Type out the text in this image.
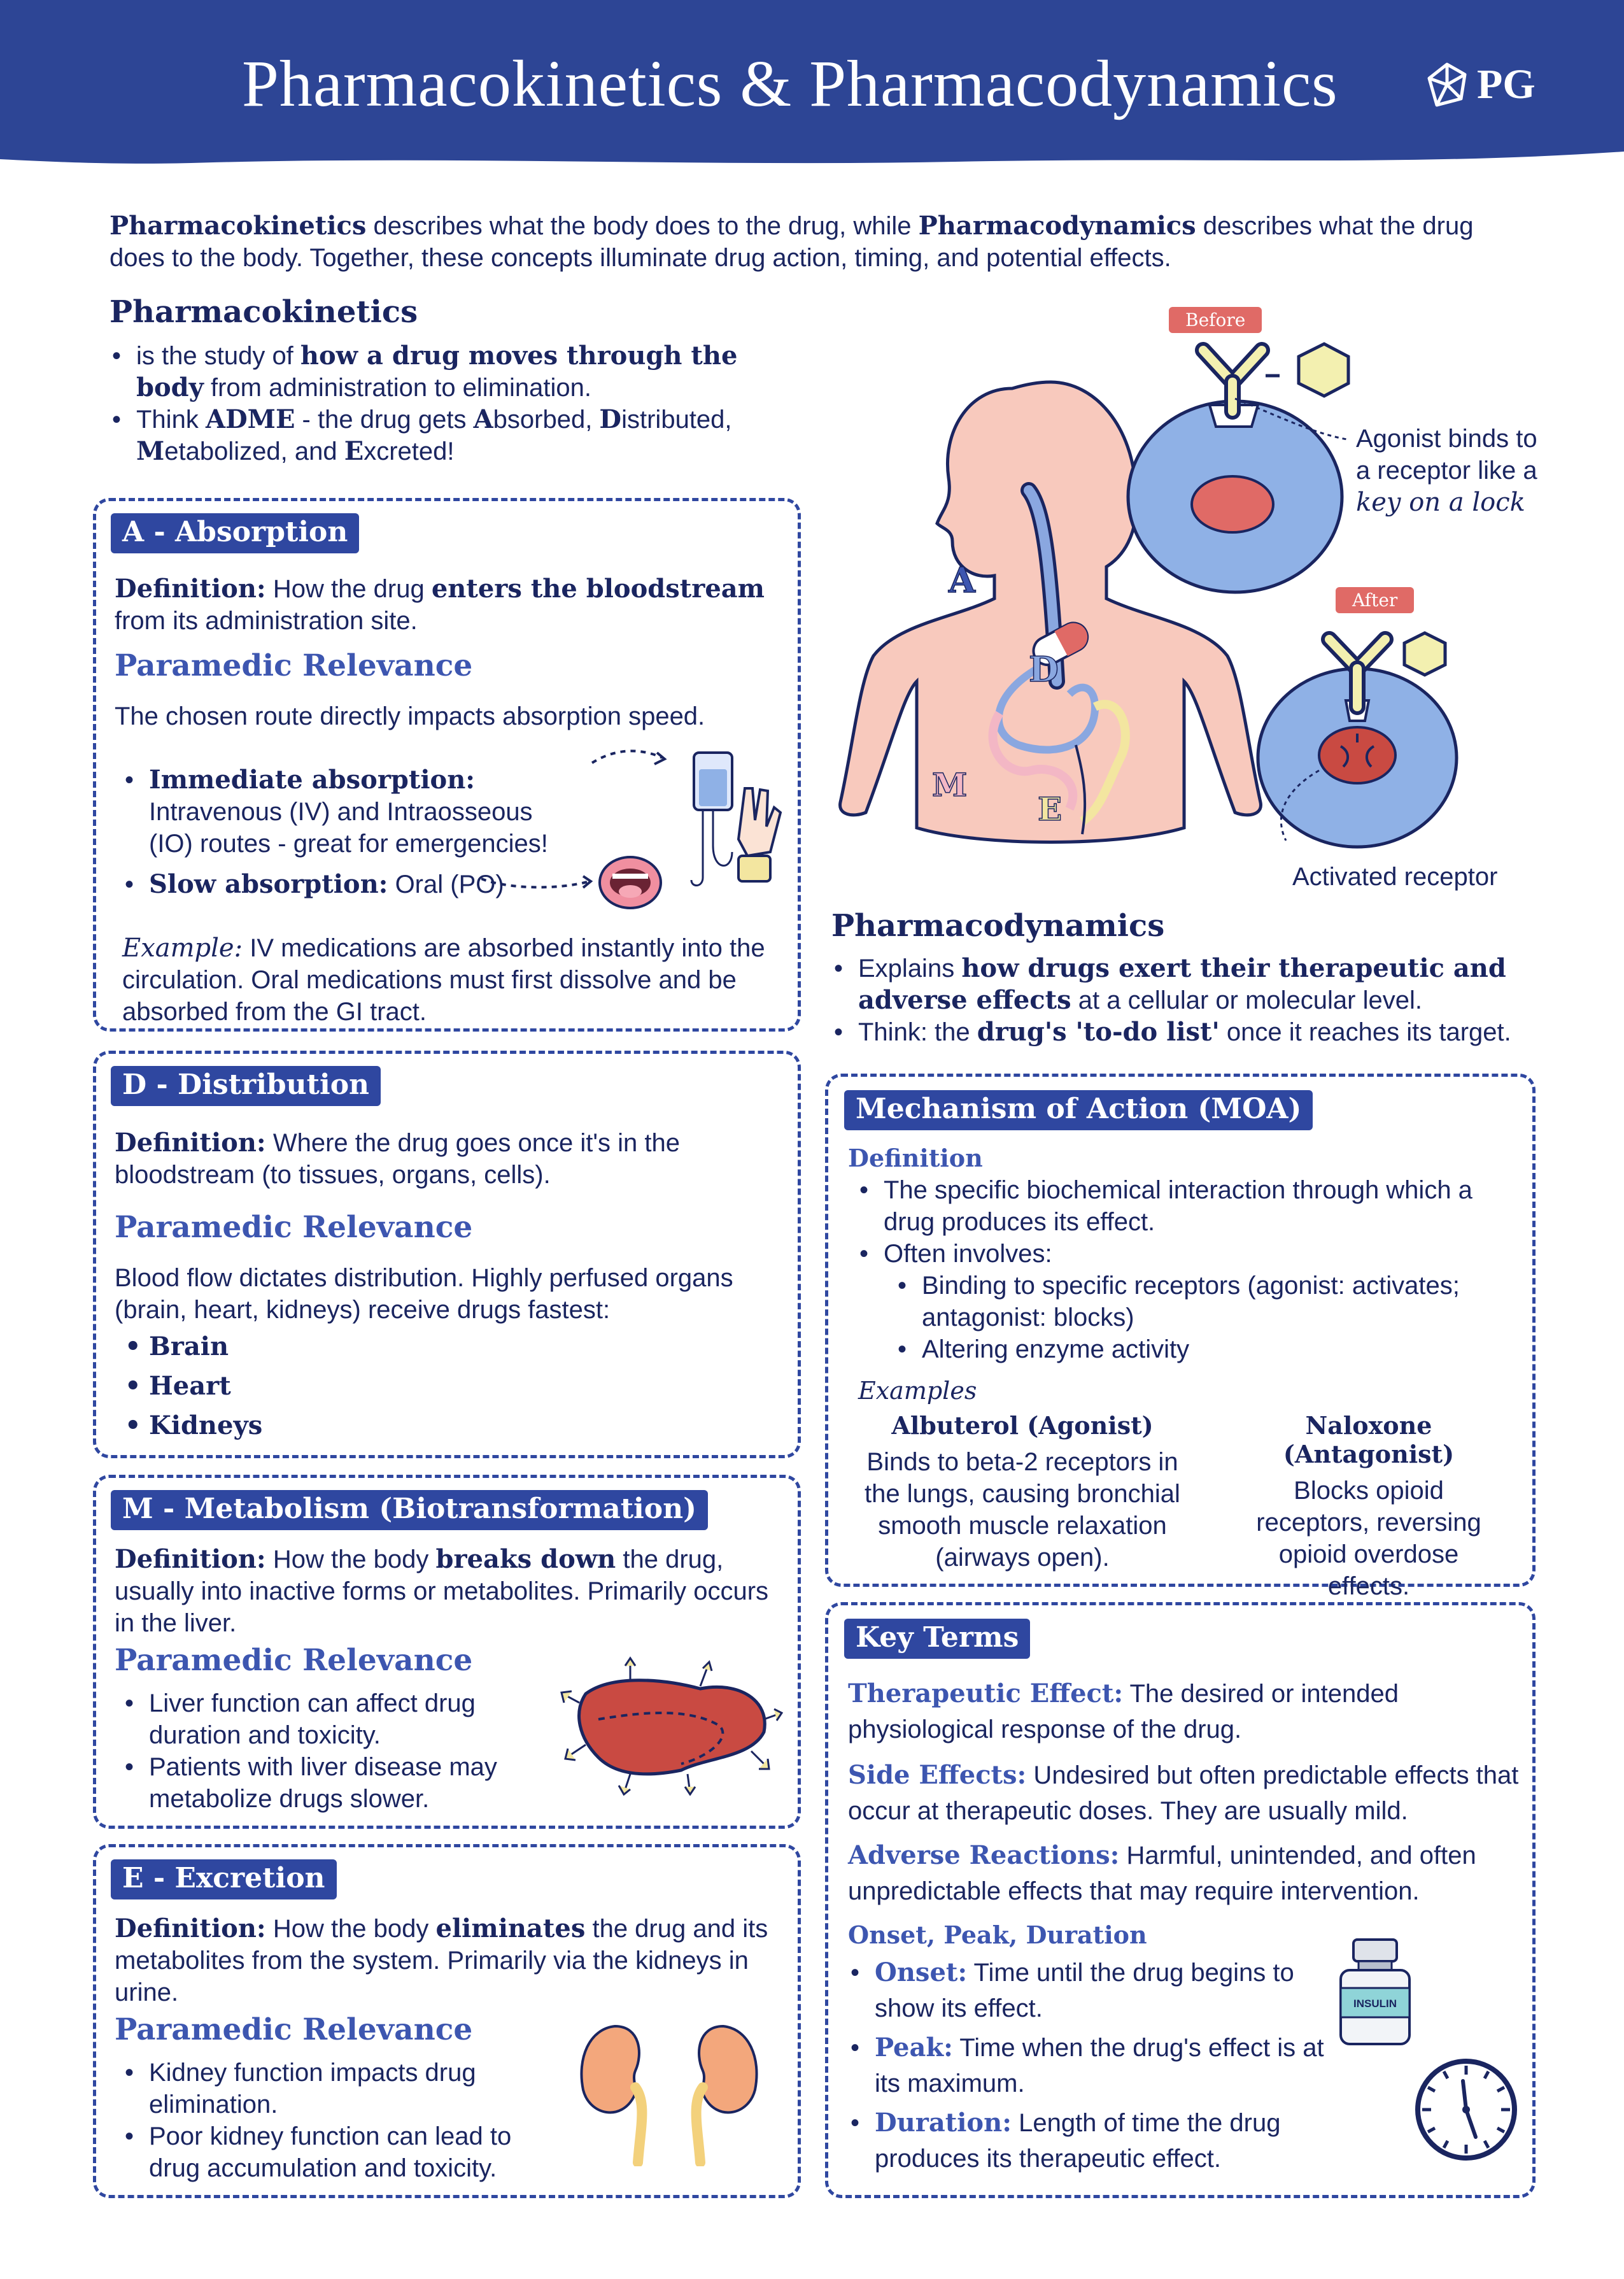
Pharmacokinetics & Pharmacodynamics	PG
Pharmacokinetics describes what the body does to the drug, while Pharmacodynamics describes what the drug does to the body. Together, these concepts illuminate drug action, timing, and potential effects.
Pharmacokinetics
• is the study of how a drug moves through the body from administration to elimination.
• Think ADME - the drug gets Absorbed, Distributed, Metabolized, and Excreted!
A - Absorption
Definition: How the drug enters the bloodstream from its administration site.
Paramedic Relevance
The chosen route directly impacts absorption speed.
• Immediate absorption: Intravenous (IV) and Intraosseous (IO) routes - great for emergencies!
• Slow absorption: Oral (PO)
Example: IV medications are absorbed instantly into the circulation. Oral medications must first dissolve and be absorbed from the GI tract.
D - Distribution
Definition: Where the drug goes once it's in the bloodstream (to tissues, organs, cells).
Paramedic Relevance
Blood flow dictates distribution. Highly perfused organs (brain, heart, kidneys) receive drugs fastest:
• Brain
• Heart
• Kidneys
M - Metabolism (Biotransformation)
Definition: How the body breaks down the drug, usually into inactive forms or metabolites. Primarily occurs in the liver.
Paramedic Relevance
• Liver function can affect drug duration and toxicity.
• Patients with liver disease may metabolize drugs slower.
E - Excretion
Definition: How the body eliminates the drug and its metabolites from the system. Primarily via the kidneys in urine.
Paramedic Relevance
• Kidney function impacts drug elimination.
• Poor kidney function can lead to drug accumulation and toxicity.
A
D
M
E
Before
Agonist binds to a receptor like a key on a lock
After
Activated receptor
Pharmacodynamics
• Explains how drugs exert their therapeutic and adverse effects at a cellular or molecular level.
• Think: the drug's 'to-do list' once it reaches its target.
Mechanism of Action (MOA)
Definition
• The specific biochemical interaction through which a drug produces its effect.
• Often involves:
• Binding to specific receptors (agonist: activates; antagonist: blocks)
• Altering enzyme activity
Examples
Albuterol (Agonist)
Binds to beta-2 receptors in the lungs, causing bronchial smooth muscle relaxation (airways open).
Naloxone (Antagonist)
Blocks opioid receptors, reversing opioid overdose effects.
Key Terms
Therapeutic Effect: The desired or intended physiological response of the drug.
Side Effects: Undesired but often predictable effects that occur at therapeutic doses. They are usually mild.
Adverse Reactions: Harmful, unintended, and often unpredictable effects that may require intervention.
Onset, Peak, Duration
• Onset: Time until the drug begins to show its effect.
• Peak: Time when the drug's effect is at its maximum.
• Duration: Length of time the drug produces its therapeutic effect.
INSULIN
